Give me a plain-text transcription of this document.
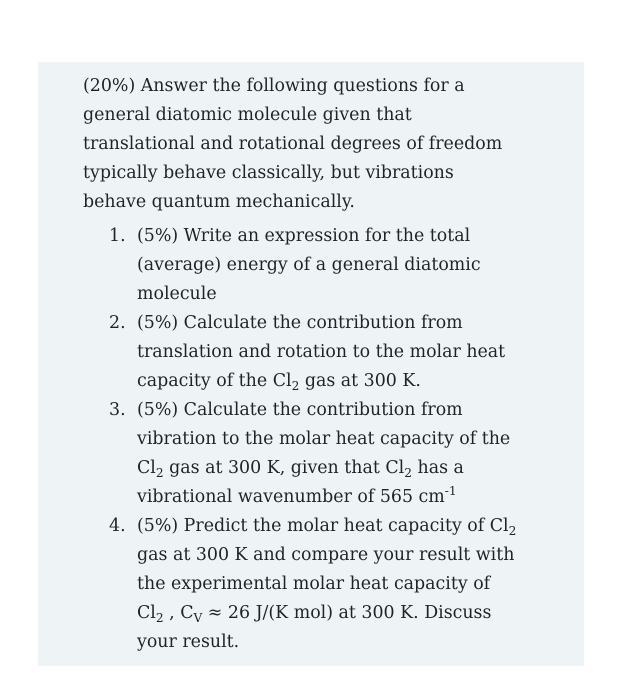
(20%) Answer the following questions for a

general diatomic molecule given that

translational and rotational degrees of freedom

typically behave classically, but vibrations

behave quantum mechanically.

1. (5%) Write an expression for the total
(average) energy of a general diatomic
molecule
2. (5%) Calculate the contribution from
translation and rotation to the molar heat
capacity of the $Cl_2$ gas at 300 K.
3. (5%) Calculate the contribution from
vibration to the molar heat capacity of the
$Cl_2$ gas at 300 K, given that $Cl_2$ has a
vibrational wavenumber of 565 $cm^{-1}$
4. (5%) Predict the molar heat capacity of $Cl_2$
gas at 300 K and compare your result with
the experimental molar heat capacity of
$Cl_2$ , $C_V \approx 26$ J/(K mol) at 300 K. Discuss
your result.
